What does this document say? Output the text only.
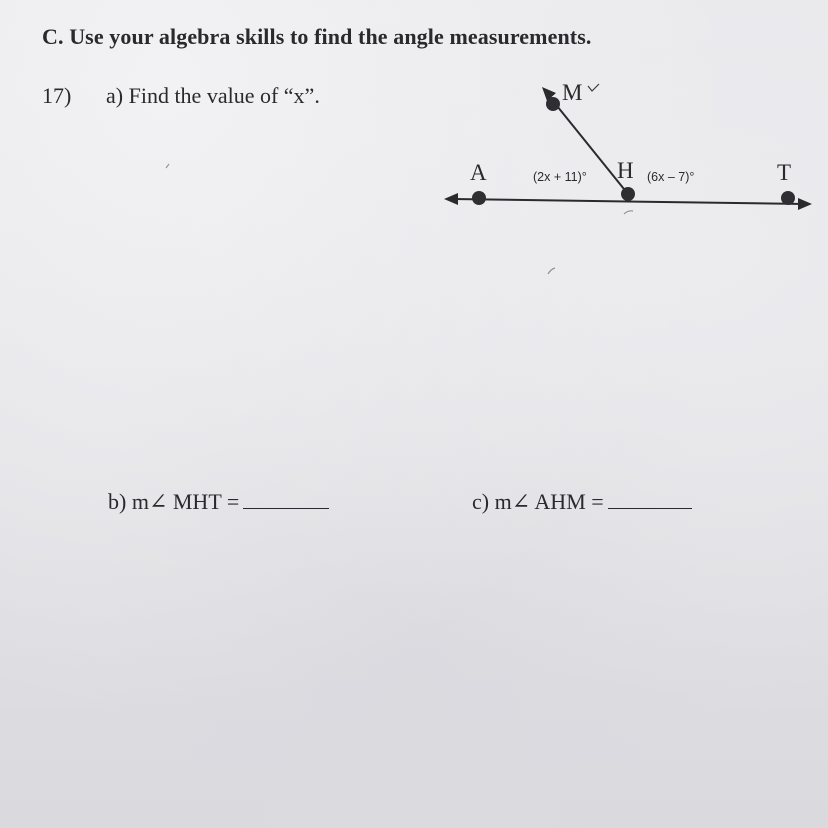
C. Use your algebra skills to find the angle measurements.
17) a) Find the value of “x”.	M
A	H	T
(2x + 11)°	(6x – 7)°
b) m∠ MHT =	c) m∠ AHM =
